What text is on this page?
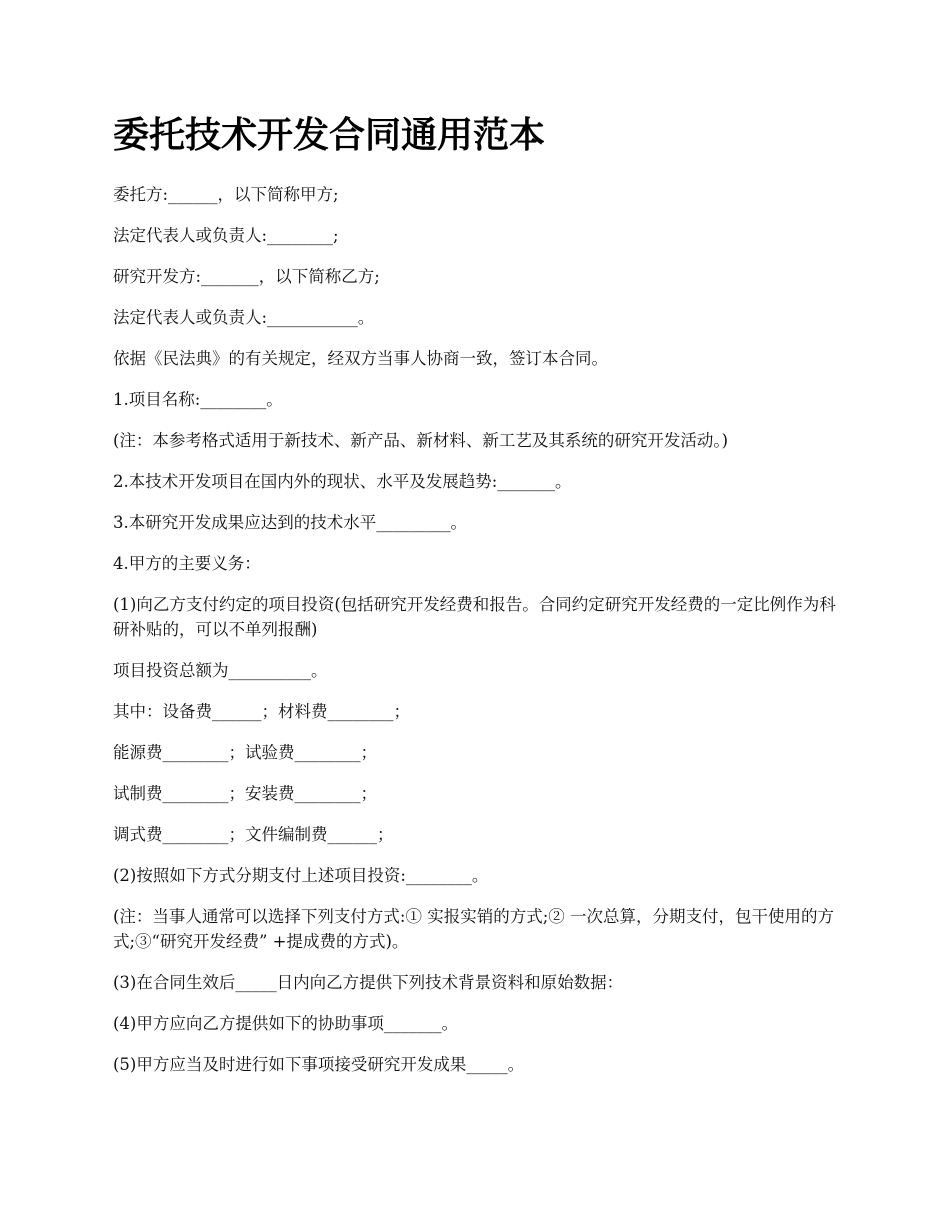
委托技术开发合同通用范本

委托方:______，以下简称甲方;

法定代表人或负责人:________;

研究开发方:_______，以下简称乙方;

法定代表人或负责人:___________。

依据《民法典》的有关规定，经双方当事人协商一致，签订本合同。

1.项目名称:________。

(注：本参考格式适用于新技术、新产品、新材料、新工艺及其系统的研究开发活动。)

2.本技术开发项目在国内外的现状、水平及发展趋势:_______。

3.本研究开发成果应达到的技术水平_________。

4.甲方的主要义务：

(1)向乙方支付约定的项目投资(包括研究开发经费和报告。合同约定研究开发经费的一定比例作为科研补贴的，可以不单列报酬)

项目投资总额为__________。

其中：设备费______；材料费________；

能源费________；试验费________；

试制费________；安装费________；

调式费________；文件编制费______；

(2)按照如下方式分期支付上述项目投资:________。

(注：当事人通常可以选择下列支付方式:① 实报实销的方式;② 一次总算，分期支付，包干使用的方式;③“研究开发经费” +提成费的方式)。

(3)在合同生效后_____日内向乙方提供下列技术背景资料和原始数据：

(4)甲方应向乙方提供如下的协助事项_______。

(5)甲方应当及时进行如下事项接受研究开发成果_____。
